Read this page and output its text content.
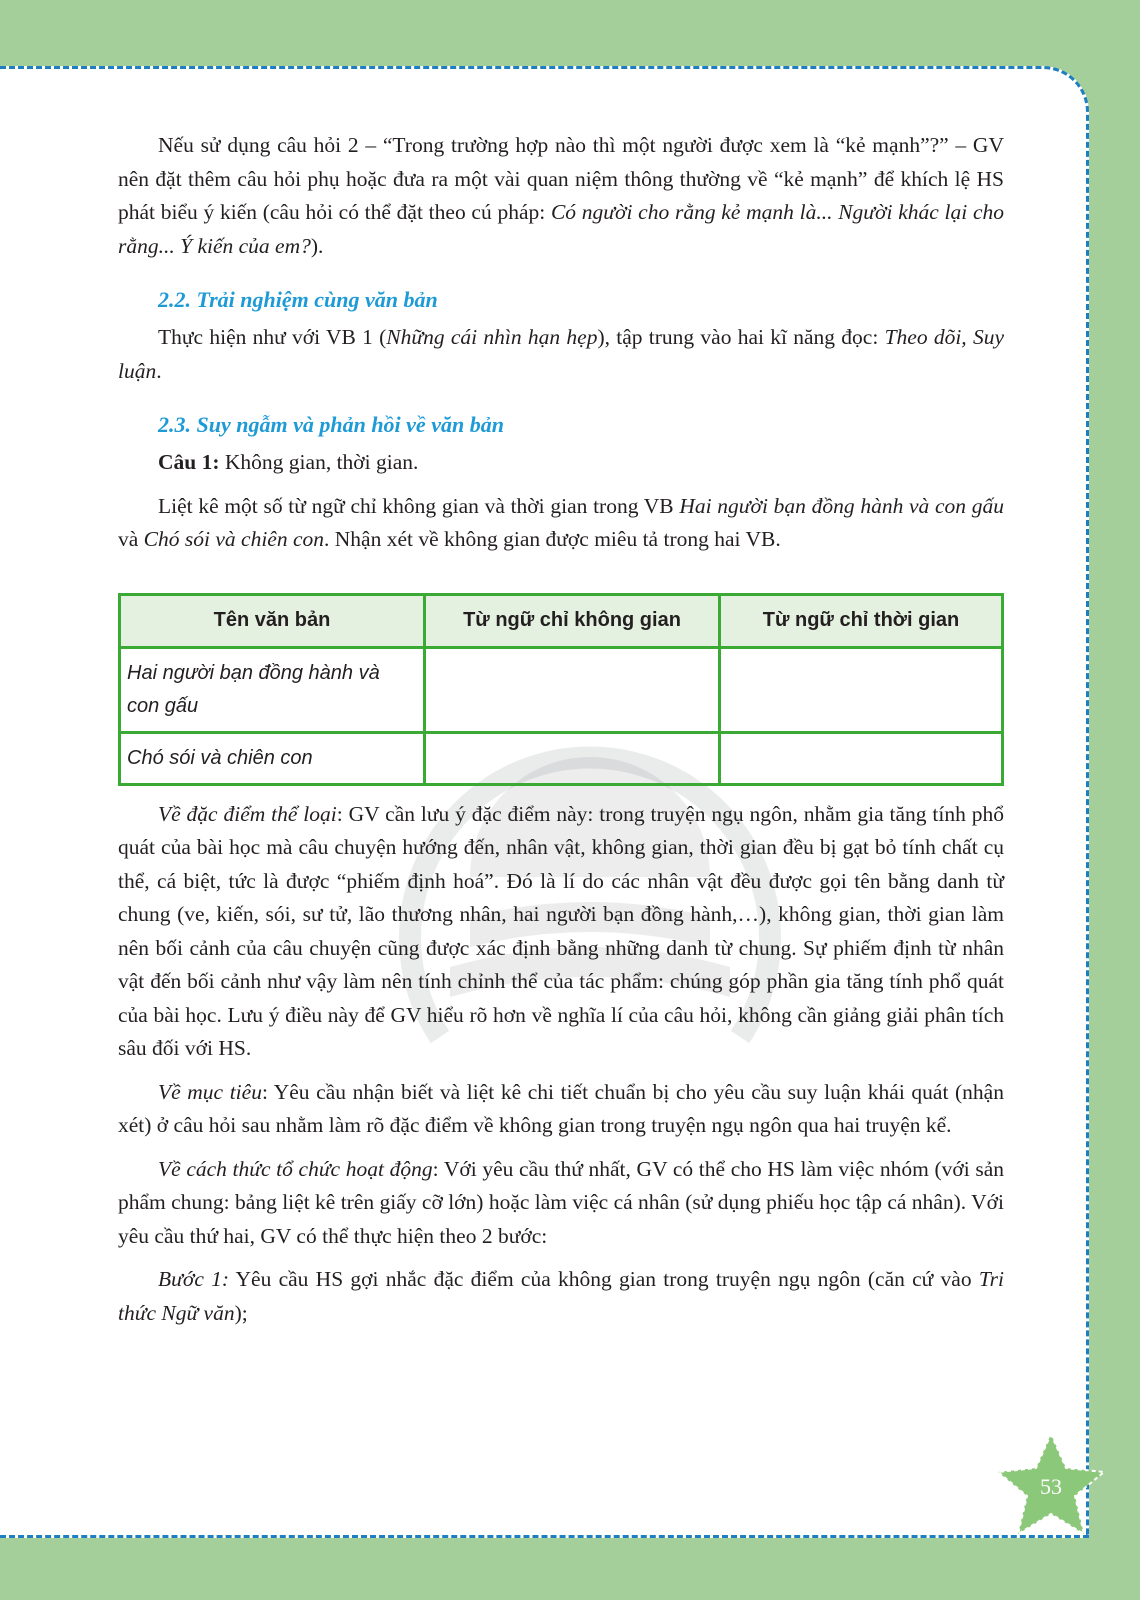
Nếu sử dụng câu hỏi 2 – “Trong trường hợp nào thì một người được xem là “kẻ mạnh”?” – GV nên đặt thêm câu hỏi phụ hoặc đưa ra một vài quan niệm thông thường về “kẻ mạnh” để khích lệ HS phát biểu ý kiến (câu hỏi có thể đặt theo cú pháp: Có người cho rằng kẻ mạnh là... Người khác lại cho rằng... Ý kiến của em?).

2.2. Trải nghiệm cùng văn bản

Thực hiện như với VB 1 (Những cái nhìn hạn hẹp), tập trung vào hai kĩ năng đọc: Theo dõi, Suy luận.

2.3. Suy ngẫm và phản hồi về văn bản

Câu 1: Không gian, thời gian.

Liệt kê một số từ ngữ chỉ không gian và thời gian trong VB Hai người bạn đồng hành và con gấu và Chó sói và chiên con. Nhận xét về không gian được miêu tả trong hai VB.

Tên văn bản	Từ ngữ chỉ không gian	Từ ngữ chỉ thời gian
Hai người bạn đồng hành và con gấu		
Chó sói và chiên con		

Về đặc điểm thể loại: GV cần lưu ý đặc điểm này: trong truyện ngụ ngôn, nhằm gia tăng tính phổ quát của bài học mà câu chuyện hướng đến, nhân vật, không gian, thời gian đều bị gạt bỏ tính chất cụ thể, cá biệt, tức là được “phiếm định hoá”. Đó là lí do các nhân vật đều được gọi tên bằng danh từ chung (ve, kiến, sói, sư tử, lão thương nhân, hai người bạn đồng hành,…), không gian, thời gian làm nên bối cảnh của câu chuyện cũng được xác định bằng những danh từ chung. Sự phiếm định từ nhân vật đến bối cảnh như vậy làm nên tính chỉnh thể của tác phẩm: chúng góp phần gia tăng tính phổ quát của bài học. Lưu ý điều này để GV hiểu rõ hơn về nghĩa lí của câu hỏi, không cần giảng giải phân tích sâu đối với HS.

Về mục tiêu: Yêu cầu nhận biết và liệt kê chi tiết chuẩn bị cho yêu cầu suy luận khái quát (nhận xét) ở câu hỏi sau nhằm làm rõ đặc điểm về không gian trong truyện ngụ ngôn qua hai truyện kể.

Về cách thức tổ chức hoạt động: Với yêu cầu thứ nhất, GV có thể cho HS làm việc nhóm (với sản phẩm chung: bảng liệt kê trên giấy cỡ lớn) hoặc làm việc cá nhân (sử dụng phiếu học tập cá nhân). Với yêu cầu thứ hai, GV có thể thực hiện theo 2 bước:

Bước 1: Yêu cầu HS gợi nhắc đặc điểm của không gian trong truyện ngụ ngôn (căn cứ vào Tri thức Ngữ văn);

53
